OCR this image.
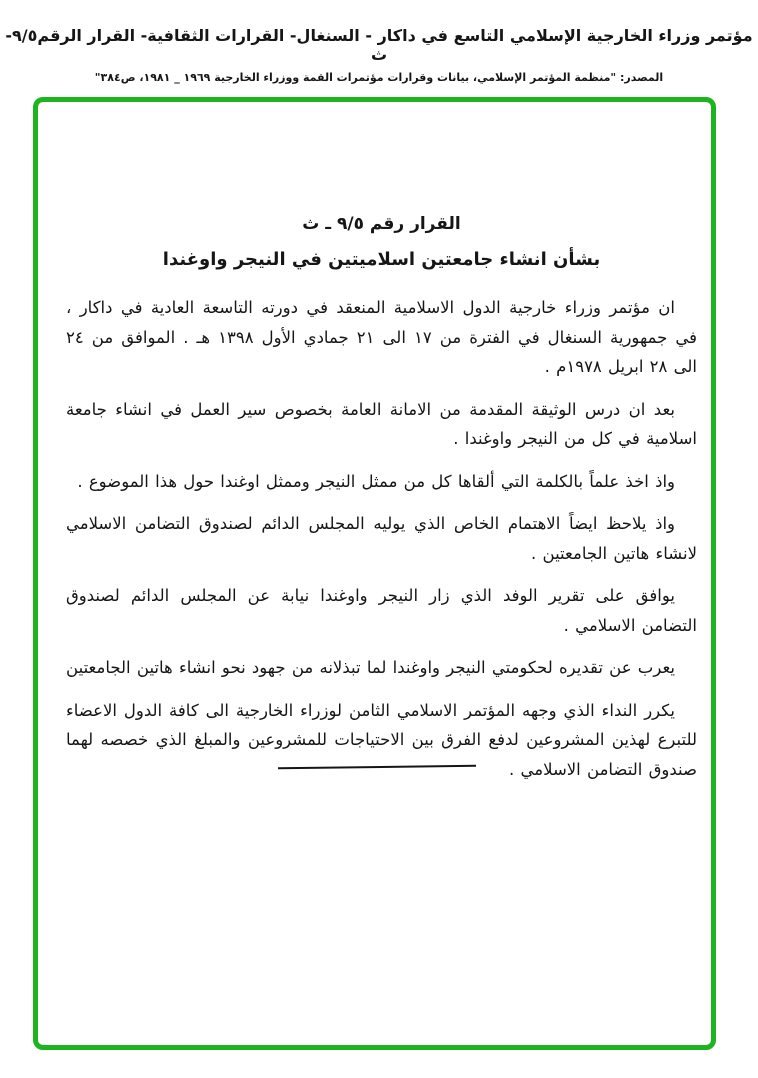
مؤتمر وزراء الخارجية الإسلامي التاسع في داكار - السنغال- القرارات الثقافية- القرار الرقم٩/٥- ث
المصدر: "منظمة المؤتمر الإسلامي، بيانات وقرارات مؤتمرات القمة ووزراء الخارجية ١٩٦٩ _ ١٩٨١، ص٣٨٤"
القرار رقم ٩/٥ ـ ث
بشأن انشاء جامعتين اسلاميتين في النيجر واوغندا

ان مؤتمر وزراء خارجية الدول الاسلامية المنعقد في دورته التاسعة العادية في داكار ، في جمهورية السنغال في الفترة من ١٧ الى ٢١ جمادي الأول ١٣٩٨ هـ . الموافق من ٢٤ الى ٢٨ ابريل ١٩٧٨م .

بعد ان درس الوثيقة المقدمة من الامانة العامة بخصوص سير العمل في انشاء جامعة اسلامية في كل من النيجر واوغندا .

واذ اخذ علماً بالكلمة التي ألقاها كل من ممثل النيجر وممثل اوغندا حول هذا الموضوع .

واذ يلاحظ ايضاً الاهتمام الخاص الذي يوليه المجلس الدائم لصندوق التضامن الاسلامي لانشاء هاتين الجامعتين .

يوافق على تقرير الوفد الذي زار النيجر واوغندا نيابة عن المجلس الدائم لصندوق التضامن الاسلامي .

يعرب عن تقديره لحكومتي النيجر واوغندا لما تبذلانه من جهود نحو انشاء هاتين الجامعتين

يكرر النداء الذي وجهه المؤتمر الاسلامي الثامن لوزراء الخارجية الى كافة الدول الاعضاء للتبرع لهذين المشروعين لدفع الفرق بين الاحتياجات للمشروعين والمبلغ الذي خصصه لهما صندوق التضامن الاسلامي .
